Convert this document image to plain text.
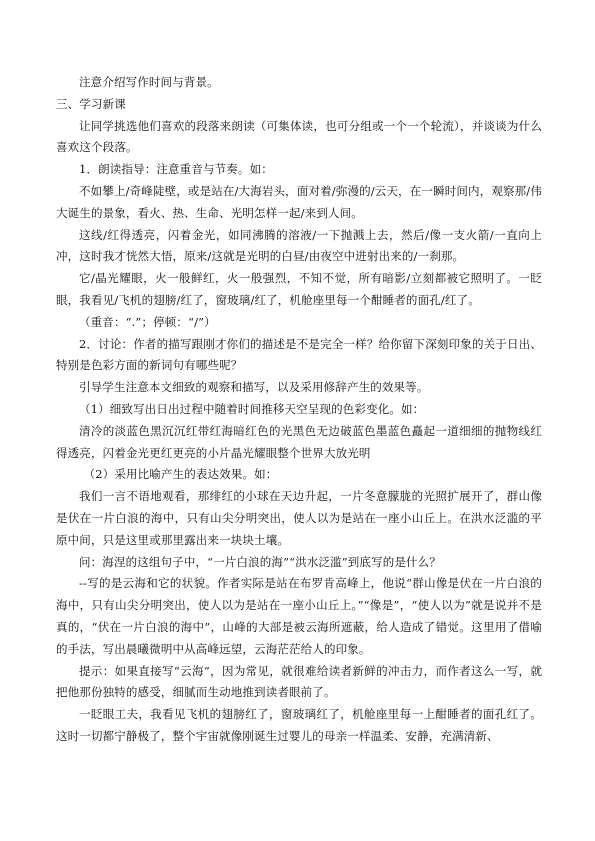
注意介绍写作时间与背景。

三、学习新课

让同学挑选他们喜欢的段落来朗读（可集体读，也可分组或一个一个轮流），并谈谈为什么喜欢这个段落。

1．朗读指导：注意重音与节奏。如：

不如攀上/奇峰陡壁，或是站在/大海岩头，面对着/弥漫的/云天，在一瞬时间内，观察那/伟大诞生的景象，看火、热、生命、光明怎样一起/来到人间。

这线/红得透亮，闪着金光，如同沸腾的溶液/一下抛溅上去，然后/像一支火箭/一直向上冲，这时我才恍然大悟，原来/这就是光明的白昼/由夜空中进射出来的/一刹那。

它/晶光耀眼，火一般鲜红，火一般强烈，不知不觉，所有暗影/立刻都被它照明了。一眨眼，我看见/飞机的翅膀/红了，窗玻璃/红了，机舱座里每一个酣睡者的面孔/红了。

（重音：“.”；停顿：“/”）

2．讨论：作者的描写跟刚才你们的描述是不是完全一样？给你留下深刻印象的关于日出、特别是色彩方面的新词句有哪些呢？

引导学生注意本文细致的观察和描写，以及采用修辞产生的效果等。

（1）细致写出日出过程中随着时间推移天空呈现的色彩变化。如：

清冷的淡蓝色黑沉沉红带红海暗红色的光黑色无边破蓝色墨蓝色矗起一道细细的抛物线红得透亮，闪着金光更红更亮的小片晶光耀眼整个世界大放光明

（2）采用比喻产生的表达效果。如：

我们一言不语地观看，那绯红的小球在天边升起，一片冬意朦胧的光照扩展开了，群山像是伏在一片白浪的海中，只有山尖分明突出，使人以为是站在一座小山丘上。在洪水泛滥的平原中间，只是这里或那里露出来一块块土壤。

问：海涅的这组句子中，“一片白浪的海”“洪水泛滥”到底写的是什么？

--写的是云海和它的状貌。作者实际是站在布罗肯高峰上，他说“群山像是伏在一片白浪的海中，只有山尖分明突出，使人以为是站在一座小山丘上。”“像是”，“使人以为”就是说并不是真的，“伏在一片白浪的海中”，山峰的大部是被云海所遮蔽，给人造成了错觉。这里用了借喻的手法，写出晨曦微明中从高峰远望，云海茫茫给人的印象。

提示：如果直接写“云海”，因为常见，就很难给读者新鲜的冲击力，而作者这么一写，就把他那份独特的感受，细腻而生动地推到读者眼前了。

一眨眼工夫，我看见飞机的翅膀红了，窗玻璃红了，机舱座里每一上酣睡者的面孔红了。这时一切都宁静极了，整个宇宙就像刚诞生过婴儿的母亲一样温柔、安静，充满清新、
